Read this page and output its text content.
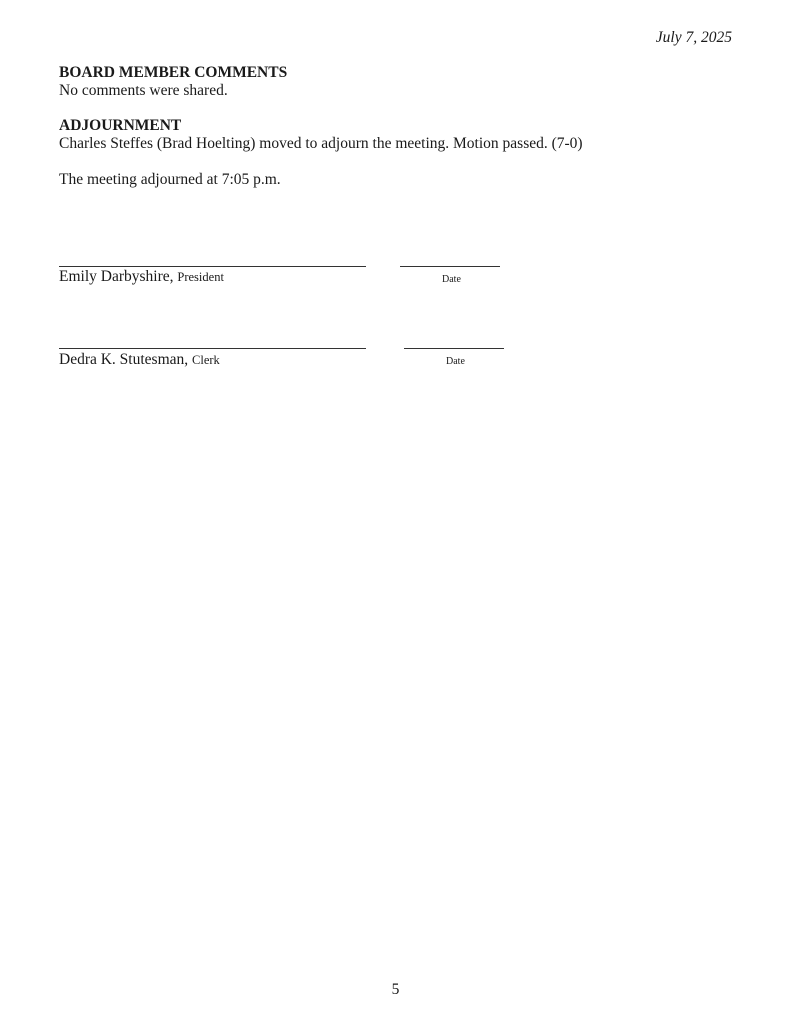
July 7, 2025
BOARD MEMBER COMMENTS
No comments were shared.
ADJOURNMENT
Charles Steffes (Brad Hoelting) moved to adjourn the meeting. Motion passed. (7-0)
The meeting adjourned at 7:05 p.m.
Emily Darbyshire, President	Date
Dedra K. Stutesman, Clerk	Date
5
